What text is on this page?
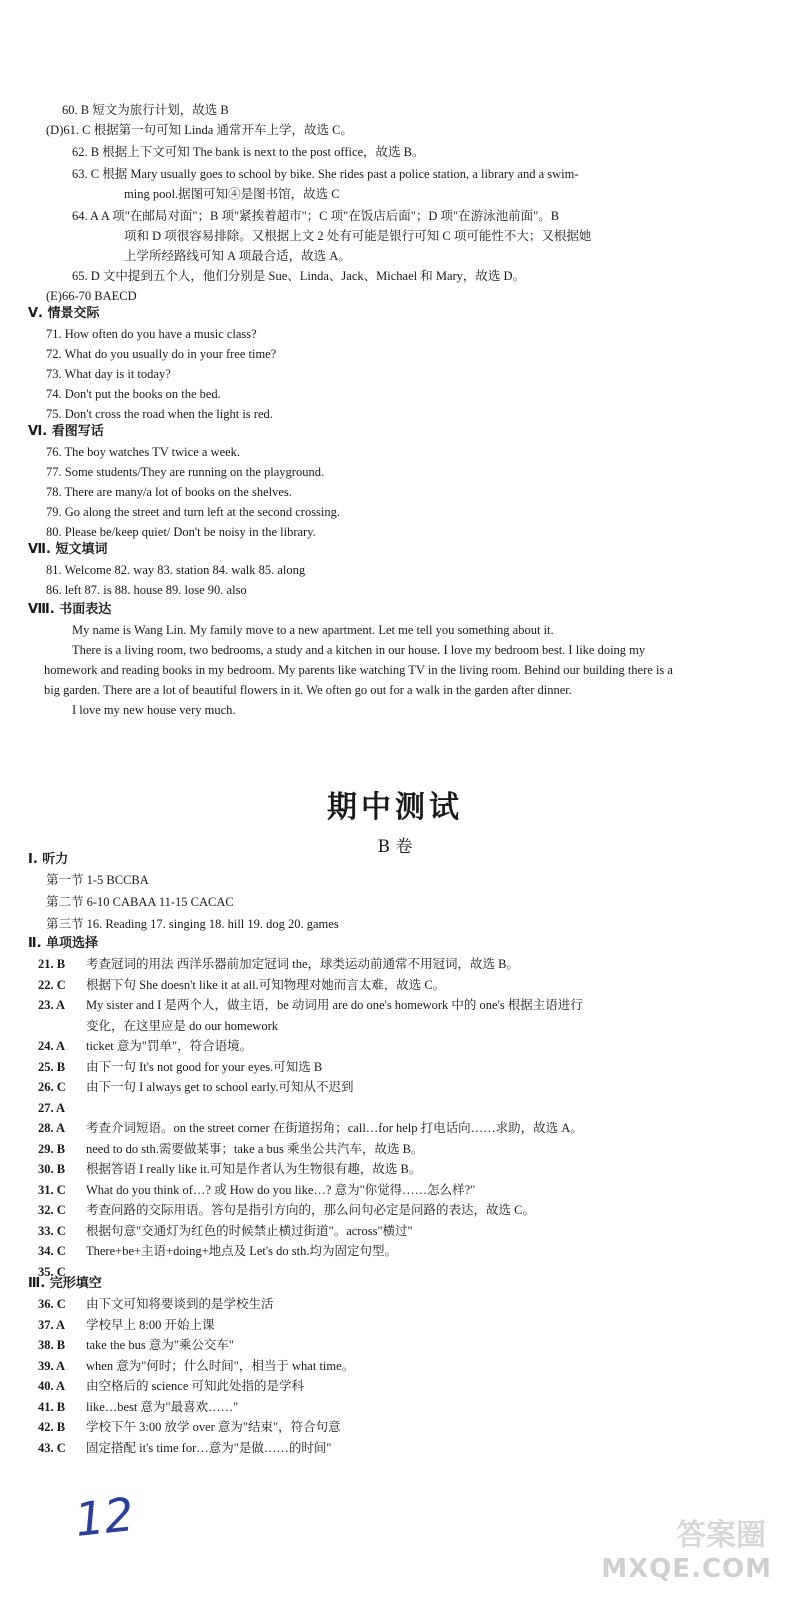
60. B 短文为旅行计划，故选 B
(D)61. C 根据第一句可知 Linda 通常开车上学，故选 C。
62. B 根据上下文可知 The bank is next to the post office，故选 B。
63. C 根据 Mary usually goes to school by bike. She rides past a police station, a library and a swim-
ming pool.据图可知④是图书馆，故选 C
64. A A 项"在邮局对面"；B 项"紧挨着超市"；C 项"在饭店后面"；D 项"在游泳池前面"。B
项和 D 项很容易排除。又根据上文 2 处有可能是银行可知 C 项可能性不大；又根据她
上学所经路线可知 A 项最合适，故选 A。
65. D 文中提到五个人，他们分别是 Sue、Linda、Jack、Michael 和 Mary，故选 D。
(E)66-70 BAECD
Ⅴ. 情景交际
71. How often do you have a music class?
72. What do you usually do in your free time?
73. What day is it today?
74. Don't put the books on the bed.
75. Don't cross the road when the light is red.
Ⅵ. 看图写话
76. The boy watches TV twice a week.
77. Some students/They are running on the playground.
78. There are many/a lot of books on the shelves.
79. Go along the street and turn left at the second crossing.
80. Please be/keep quiet/ Don't be noisy in the library.
Ⅶ. 短文填词
81. Welcome 82. way 83. station 84. walk 85. along
86. left 87. is 88. house 89. lose 90. also
Ⅷ. 书面表达
My name is Wang Lin. My family move to a new apartment. Let me tell you something about it.
There is a living room, two bedrooms, a study and a kitchen in our house. I love my bedroom best. I like doing my homework and reading books in my bedroom. My parents like watching TV in the living room. Behind our building there is a big garden. There are a lot of beautiful flowers in it. We often go out for a walk in the garden after dinner.
I love my new house very much.
期中测试
B 卷
Ⅰ. 听力
第一节 1-5 BCCBA
第二节 6-10 CABAA 11-15 CACAC
第三节 16. Reading 17. singing 18. hill 19. dog 20. games
Ⅱ. 单项选择
21. B 考查冠词的用法 西洋乐器前加定冠词 the，球类运动前通常不用冠词，故选 B。
22. C 根据下句 She doesn't like it at all.可知物理对她而言太难，故选 C。
23. A My sister and I 是两个人，做主语，be 动词用 are do one's homework 中的 one's 根据主语进行
变化，在这里应是 do our homework
24. A ticket 意为"罚单"，符合语境。
25. B 由下一句 It's not good for your eyes.可知选 B
26. C 由下一句 I always get to school early.可知从不迟到
27. A
28. A 考查介词短语。on the street corner 在街道拐角；call…for help 打电话向……求助，故选 A。
29. B need to do sth.需要做某事；take a bus 乘坐公共汽车，故选 B。
30. B 根据答语 I really like it.可知是作者认为生物很有趣，故选 B。
31. C What do you think of…? 或 How do you like…? 意为"你觉得……怎么样?"
32. C 考查问路的交际用语。答句是指引方向的，那么问句必定是问路的表达，故选 C。
33. C 根据句意"交通灯为红色的时候禁止横过街道"。across"横过"
34. C There+be+主语+doing+地点及 Let's do sth.均为固定句型。
35. C
Ⅲ. 完形填空
36. C 由下文可知将要谈到的是学校生活
37. A 学校早上 8:00 开始上课
38. B take the bus 意为"乘公交车"
39. A when 意为"何时；什么时间"，相当于 what time。
40. A 由空格后的 science 可知此处指的是学科
41. B like…best 意为"最喜欢……"
42. B 学校下午 3:00 放学 over 意为"结束"，符合句意
43. C 固定搭配 it's time for…意为"是做……的时间"
12	答案圈
MXQE.COM
